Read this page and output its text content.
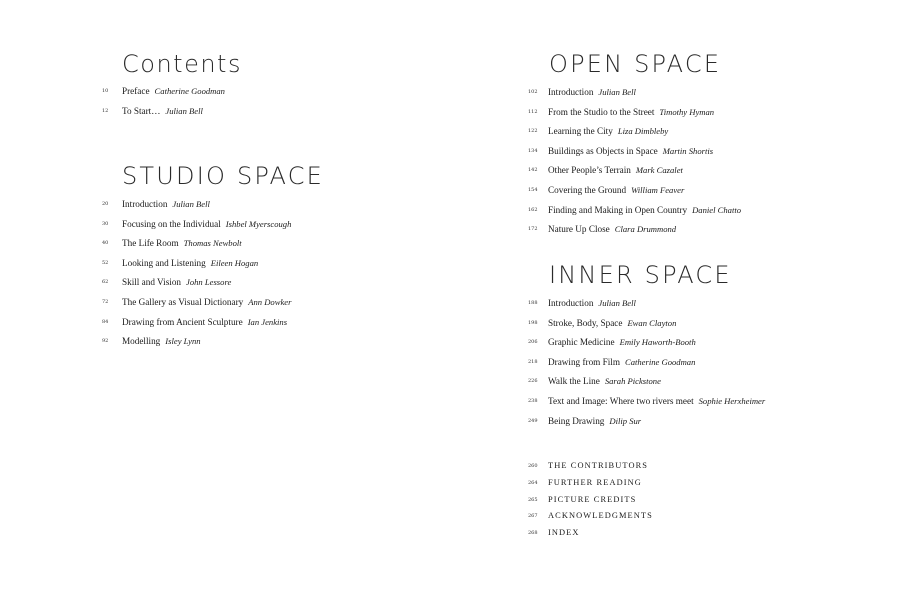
Contents
10	Preface Catherine Goodman
12	To Start… Julian Bell
STUDIO SPACE
20	Introduction Julian Bell
30	Focusing on the Individual Ishbel Myerscough
40	The Life Room Thomas Newbolt
52	Looking and Listening Eileen Hogan
62	Skill and Vision John Lessore
72	The Gallery as Visual Dictionary Ann Dowker
84	Drawing from Ancient Sculpture Ian Jenkins
92	Modelling Isley Lynn
OPEN SPACE
102	Introduction Julian Bell
112	From the Studio to the Street Timothy Hyman
122	Learning the City Liza Dimbleby
134	Buildings as Objects in Space Martin Shortis
142	Other People’s Terrain Mark Cazalet
154	Covering the Ground William Feaver
162	Finding and Making in Open Country Daniel Chatto
172	Nature Up Close Clara Drummond
INNER SPACE
188	Introduction Julian Bell
198	Stroke, Body, Space Ewan Clayton
206	Graphic Medicine Emily Haworth-Booth
218	Drawing from Film Catherine Goodman
226	Walk the Line Sarah Pickstone
238	Text and Image: Where two rivers meet Sophie Herxheimer
249	Being Drawing Dilip Sur
260	THE CONTRIBUTORS
264	FURTHER READING
265	PICTURE CREDITS
267	ACKNOWLEDGMENTS
268	INDEX
